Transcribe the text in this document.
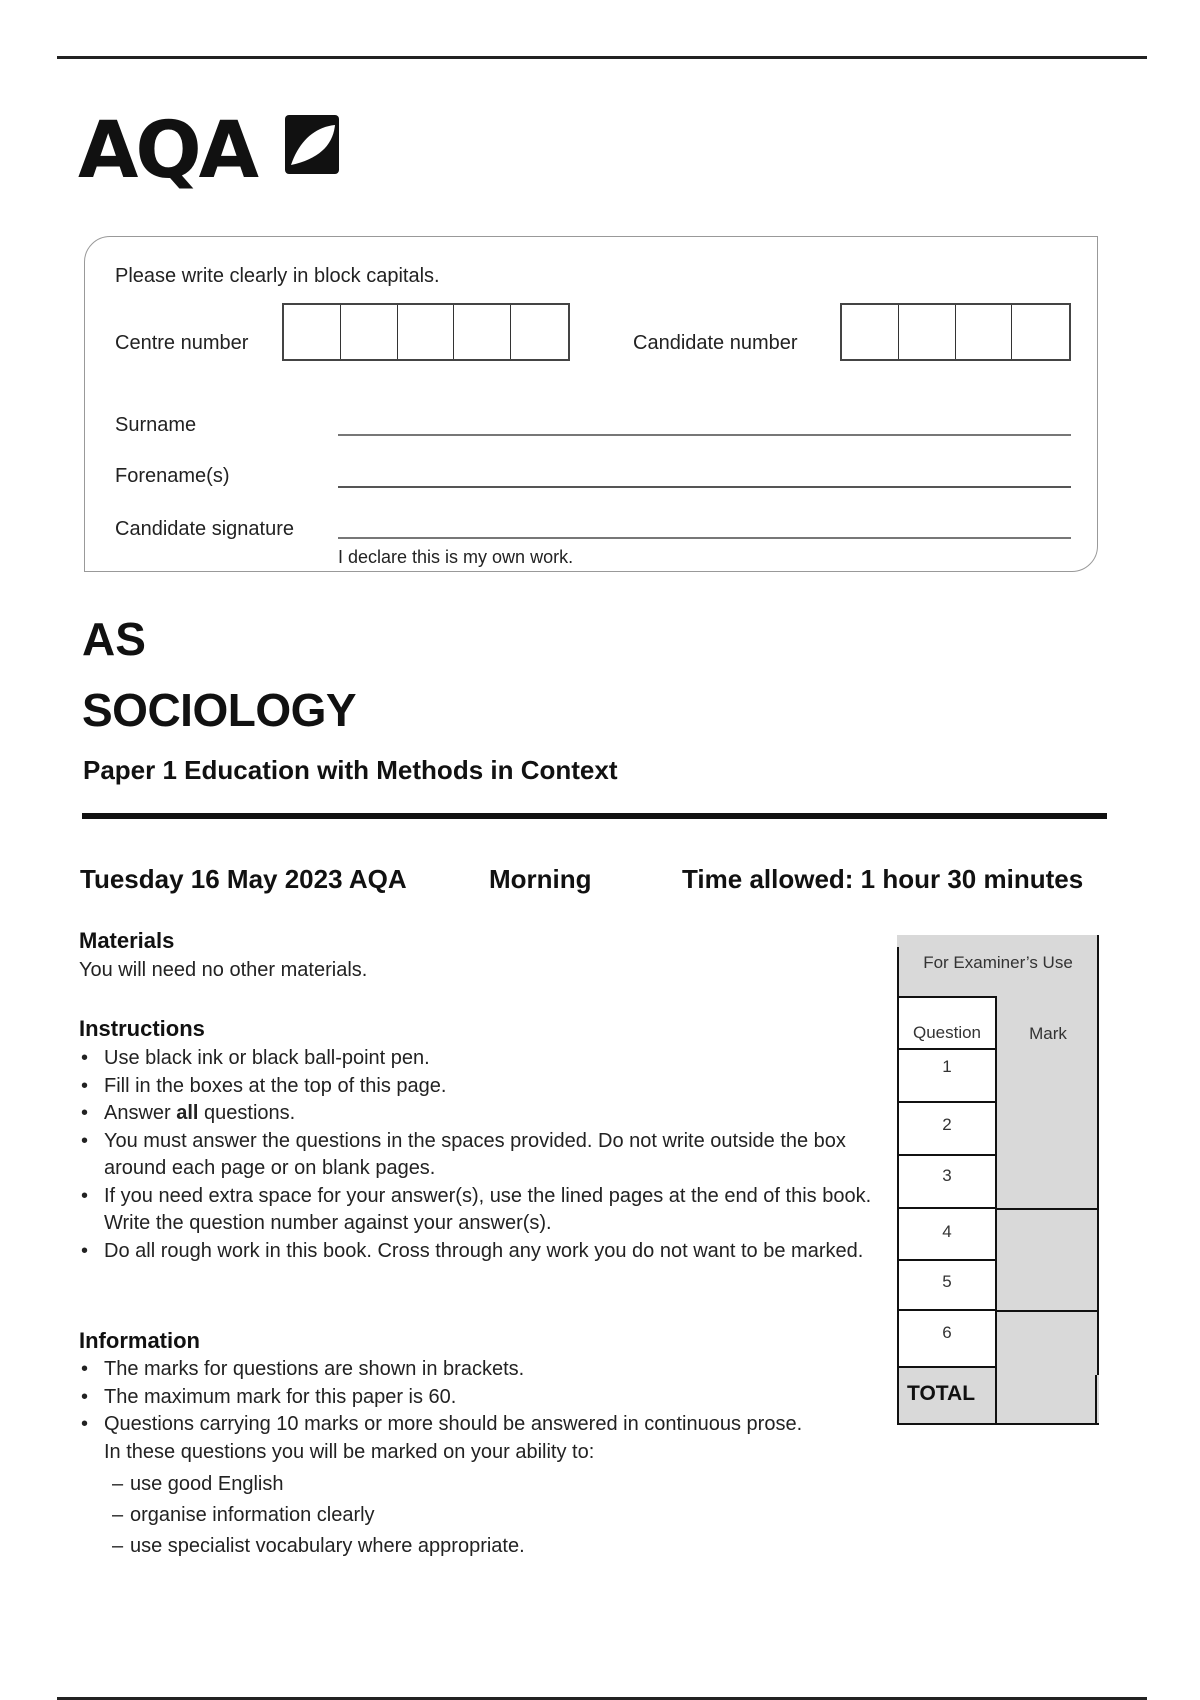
AQA
Please write clearly in block capitals.
Centre number	Candidate number
Surname
Forename(s)
Candidate signature
I declare this is my own work.
AS
SOCIOLOGY
Paper 1 Education with Methods in Context
Tuesday 16 May 2023 AQA	Morning	Time allowed: 1 hour 30 minutes
Materials
You will need no other materials.
Instructions
• Use black ink or black ball-point pen.
• Fill in the boxes at the top of this page.
• Answer all questions.
• You must answer the questions in the spaces provided. Do not write outside the box around each page or on blank pages.
• If you need extra space for your answer(s), use the lined pages at the end of this book. Write the question number against your answer(s).
• Do all rough work in this book. Cross through any work you do not want to be marked.
Information
• The marks for questions are shown in brackets.
• The maximum mark for this paper is 60.
• Questions carrying 10 marks or more should be answered in continuous prose.
In these questions you will be marked on your ability to:
– use good English
– organise information clearly
– use specialist vocabulary where appropriate.
For Examiner’s Use
Question	Mark
1
2
3
4
5
6
TOTAL
